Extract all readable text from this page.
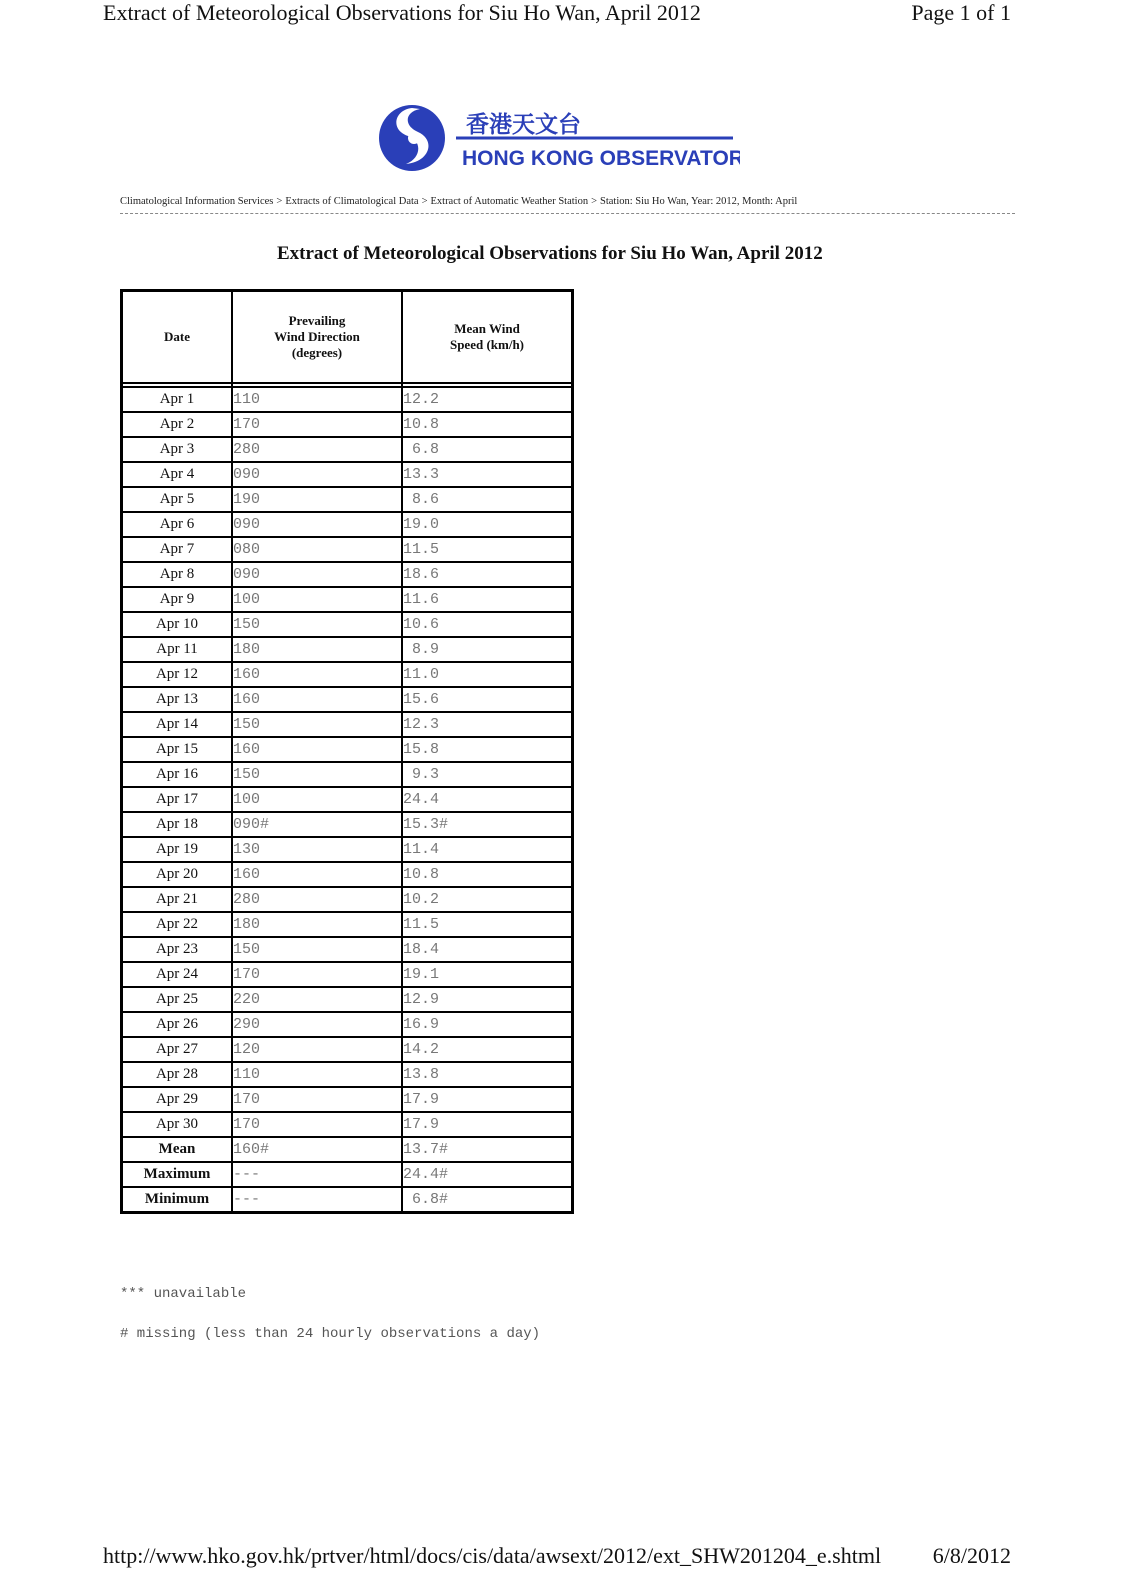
Extract of Meteorological Observations for Siu Ho Wan, April 2012	Page 1 of 1
香港天文台
HONG KONG OBSERVATORY
Climatological Information Services > Extracts of Climatological Data > Extract of Automatic Weather Station > Station: Siu Ho Wan, Year: 2012, Month: April
Extract of Meteorological Observations for Siu Ho Wan, April 2012
Date	Prevailing Wind Direction (degrees)	Mean Wind Speed (km/h)

Apr 1	110	12.2
Apr 2	170	10.8
Apr 3	280	6.8
Apr 4	090	13.3
Apr 5	190	8.6
Apr 6	090	19.0
Apr 7	080	11.5
Apr 8	090	18.6
Apr 9	100	11.6
Apr 10	150	10.6
Apr 11	180	8.9
Apr 12	160	11.0
Apr 13	160	15.6
Apr 14	150	12.3
Apr 15	160	15.8
Apr 16	150	9.3
Apr 17	100	24.4
Apr 18	090#	15.3#
Apr 19	130	11.4
Apr 20	160	10.8
Apr 21	280	10.2
Apr 22	180	11.5
Apr 23	150	18.4
Apr 24	170	19.1
Apr 25	220	12.9
Apr 26	290	16.9
Apr 27	120	14.2
Apr 28	110	13.8
Apr 29	170	17.9
Apr 30	170	17.9
Mean	160#	13.7#
Maximum	---	24.4#
Minimum	---	6.8#
*** unavailable
# missing (less than 24 hourly observations a day)
http://www.hko.gov.hk/prtver/html/docs/cis/data/awsext/2012/ext_SHW201204_e.shtml 6/8/2012
